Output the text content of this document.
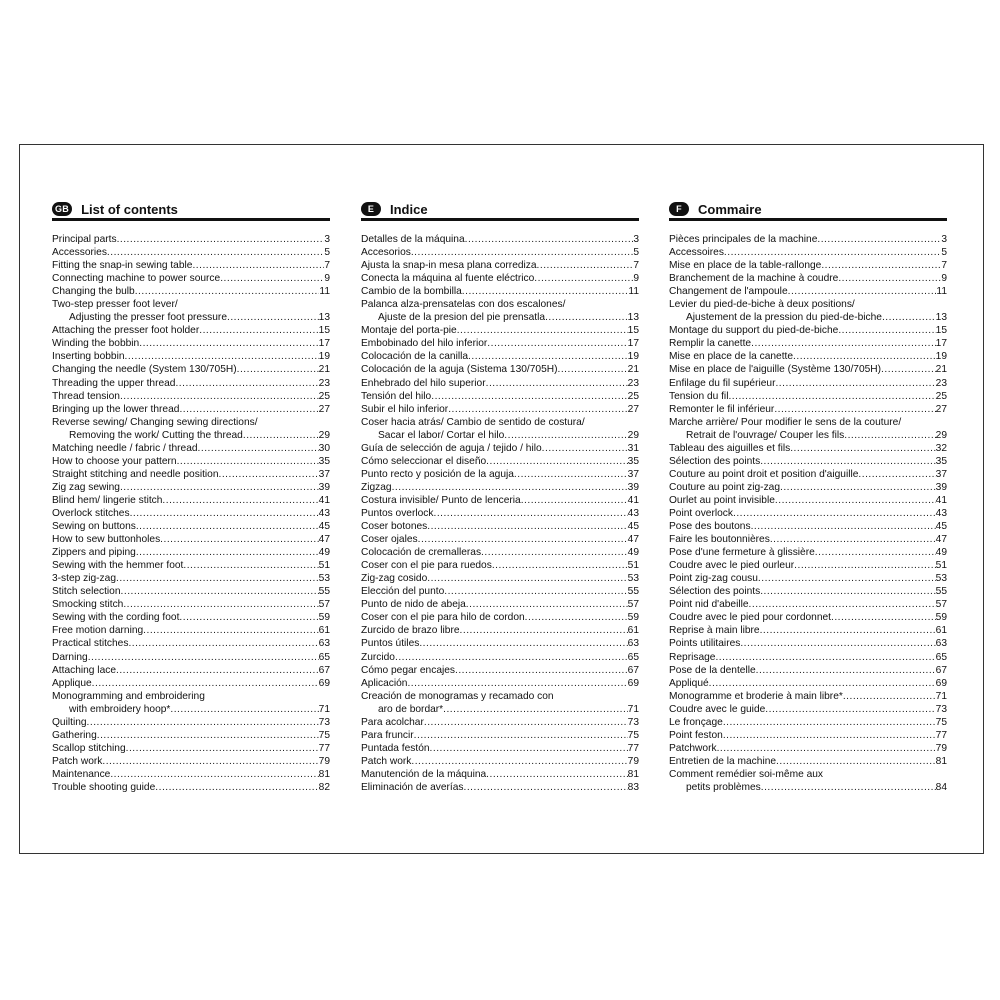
GB List of contents
Principal parts .....	3
Accessories .....	5
Fitting the snap-in sewing table .....	7
Connecting machine to power source .....	9
Changing the bulb .....	11
Two-step presser foot lever/
Adjusting the presser foot pressure .....	13
Attaching the presser foot holder .....	15
Winding the bobbin .....	17
Inserting bobbin .....	19
Changing the needle (System 130/705H) .....	21
Threading the upper thread .....	23
Thread tension .....	25
Bringing up the lower thread .....	27
Reverse sewing/ Changing sewing directions/
Removing the work/ Cutting the thread .....	29
Matching needle / fabric / thread .....	30
How to choose your pattern .....	35
Straight stitching and needle position .....	37
Zig zag sewing .....	39
Blind hem/ lingerie stitch .....	41
Overlock stitches .....	43
Sewing on buttons .....	45
How to sew buttonholes .....	47
Zippers and piping .....	49
Sewing with the hemmer foot .....	51
3-step zig-zag .....	53
Stitch selection .....	55
Smocking stitch .....	57
Sewing with the cording foot .....	59
Free motion darning .....	61
Practical stitches .....	63
Darning .....	65
Attaching lace .....	67
Applique .....	69
Monogramming and embroidering
with embroidery hoop* .....	71
Quilting .....	73
Gathering .....	75
Scallop stitching .....	77
Patch work .....	79
Maintenance .....	81
Trouble shooting guide .....	82
E	Indice
Detalles de la máquina .....	3
Accesorios .....	5
Ajusta la snap-in mesa plana corrediza .....	7
Conecta la máquina al fuente eléctrico .....	9
Cambio de la bombilla .....	11
Palanca alza-prensatelas con dos escalones/
Ajuste de la presion del pie prensatla .....	13
Montaje del porta-pie .....	15
Embobinado del hilo inferior .....	17
Colocación de la canilla .....	19
Colocación de la aguja (Sistema 130/705H) .....	21
Enhebrado del hilo superior .....	23
Tensión del hilo .....	25
Subir el hilo inferior .....	27
Coser hacia atrás/ Cambio de sentido de costura/
Sacar el labor/ Cortar el hilo .....	29
Guía de selección de aguja / tejido / hilo .....	31
Cómo seleccionar el diseño .....	35
Punto recto y posición de la aguja .....	37
Zigzag .....	39
Costura invisible/ Punto de lenceria .....	41
Puntos overlock .....	43
Coser botones .....	45
Coser ojales .....	47
Colocación de cremalleras .....	49
Coser con el pie para ruedos .....	51
Zig-zag cosido .....	53
Elección del punto .....	55
Punto de nido de abeja .....	57
Coser con el pie para hilo de cordon .....	59
Zurcido de brazo libre .....	61
Puntos útiles .....	63
Zurcido .....	65
Cómo pegar encajes .....	67
Aplicación .....	69
Creación de monogramas y recamado con
aro de bordar* .....	71
Para acolchar .....	73
Para fruncir .....	75
Puntada festón .....	77
Patch work .....	79
Manutención de la máquina .....	81
Eliminación de averías .....	83
F	Commaire
Pièces principales de la machine .....	3
Accessoires .....	5
Mise en place de la table-rallonge .....	7
Branchement de la machine à coudre .....	9
Changement de l'ampoule .....	11
Levier du pied-de-biche à deux positions/
Ajustement de la pression du pied-de-biche .....	13
Montage du support du pied-de-biche .....	15
Remplir la canette .....	17
Mise en place de la canette .....	19
Mise en place de l'aiguille (Système 130/705H) .....	21
Enfilage du fil supérieur .....	23
Tension du fil .....	25
Remonter le fil inférieur .....	27
Marche arrière/ Pour modifier le sens de la couture/
Retrait de l'ouvrage/ Couper les fils .....	29
Tableau des aiguilles et fils .....	32
Sélection des points .....	35
Couture au point droit et position d'aiguille .....	37
Couture au point zig-zag .....	39
Ourlet au point invisible .....	41
Point overlock .....	43
Pose des boutons .....	45
Faire les boutonnières .....	47
Pose d'une fermeture à glissière .....	49
Coudre avec le pied ourleur .....	51
Point zig-zag cousu .....	53
Sélection des points .....	55
Point nid d'abeille .....	57
Coudre avec le pied pour cordonnet .....	59
Reprise à main libre .....	61
Points utilitaires .....	63
Reprisage .....	65
Pose de la dentelle .....	67
Appliqué .....	69
Monogramme et broderie à main libre* .....	71
Coudre avec le guide .....	73
Le fronçage .....	75
Point feston .....	77
Patchwork .....	79
Entretien de la machine .....	81
Comment remédier soi-même aux
petits problèmes .....	84
